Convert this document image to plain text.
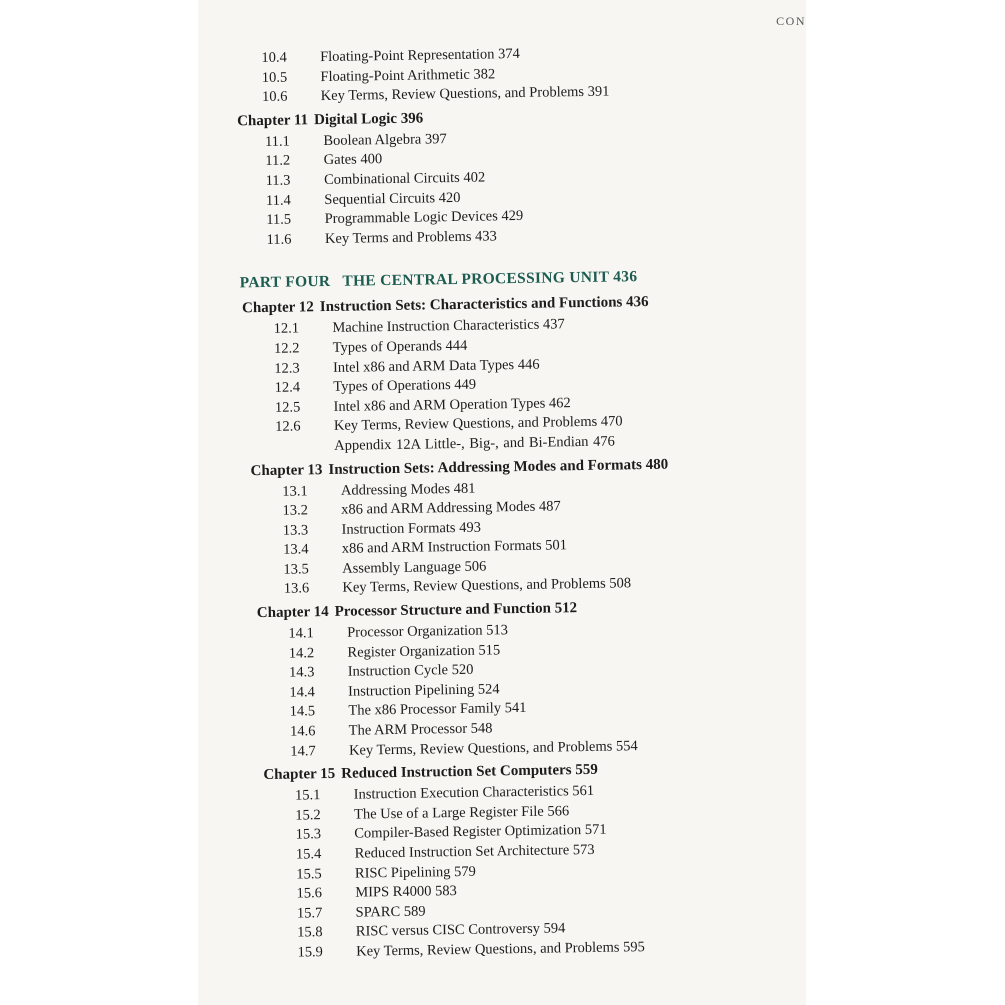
CON
10.4	Floating-Point Representation 374
10.5	Floating-Point Arithmetic 382
10.6	Key Terms, Review Questions, and Problems 391
Chapter 11 Digital Logic 396
11.1	Boolean Algebra 397
11.2	Gates 400
11.3	Combinational Circuits 402
11.4	Sequential Circuits 420
11.5	Programmable Logic Devices 429
11.6	Key Terms and Problems 433
PART FOUR THE CENTRAL PROCESSING UNIT 436
Chapter 12 Instruction Sets: Characteristics and Functions 436
12.1	Machine Instruction Characteristics 437
12.2	Types of Operands 444
12.3	Intel x86 and ARM Data Types 446
12.4	Types of Operations 449
12.5	Intel x86 and ARM Operation Types 462
12.6	Key Terms, Review Questions, and Problems 470
Appendix 12A Little-, Big-, and Bi-Endian 476
Chapter 13 Instruction Sets: Addressing Modes and Formats 480
13.1	Addressing Modes 481
13.2	x86 and ARM Addressing Modes 487
13.3	Instruction Formats 493
13.4	x86 and ARM Instruction Formats 501
13.5	Assembly Language 506
13.6	Key Terms, Review Questions, and Problems 508
Chapter 14 Processor Structure and Function 512
14.1	Processor Organization 513
14.2	Register Organization 515
14.3	Instruction Cycle 520
14.4	Instruction Pipelining 524
14.5	The x86 Processor Family 541
14.6	The ARM Processor 548
14.7	Key Terms, Review Questions, and Problems 554
Chapter 15 Reduced Instruction Set Computers 559
15.1	Instruction Execution Characteristics 561
15.2	The Use of a Large Register File 566
15.3	Compiler-Based Register Optimization 571
15.4	Reduced Instruction Set Architecture 573
15.5	RISC Pipelining 579
15.6	MIPS R4000 583
15.7	SPARC 589
15.8	RISC versus CISC Controversy 594
15.9	Key Terms, Review Questions, and Problems 595
